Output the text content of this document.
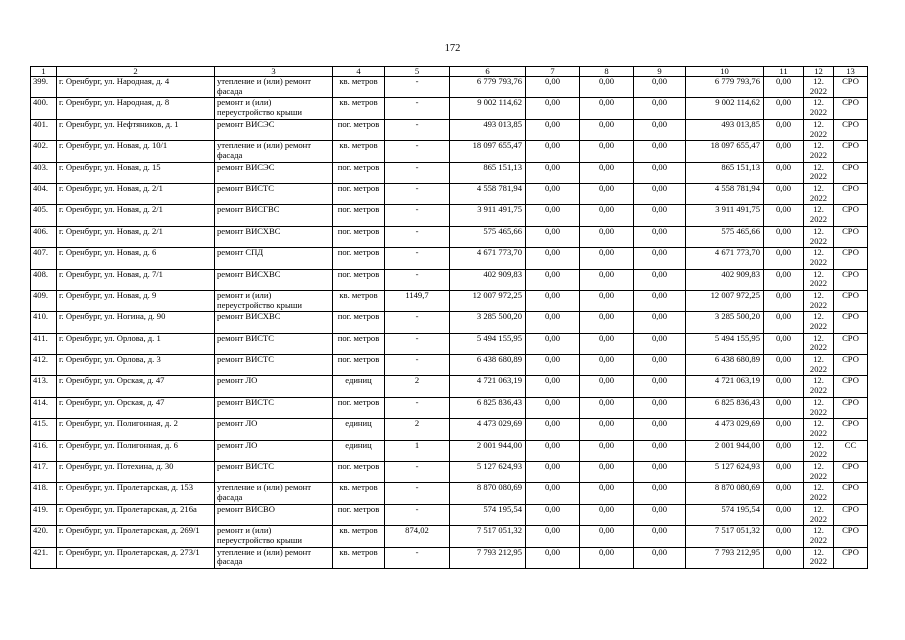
172
1	2	3	4	5	6	7	8	9	10	11	12	13
399.	г. Оренбург, ул. Народная, д. 4	утепление и (или) ремонт фасада	кв. метров	-	6 779 793,76	0,00	0,00	0,00	6 779 793,76	0,00	12. 2022	СРО
400.	г. Оренбург, ул. Народная, д. 8	ремонт и (или) переустройство крыши	кв. метров	-	9 002 114,62	0,00	0,00	0,00	9 002 114,62	0,00	12. 2022	СРО
401.	г. Оренбург, ул. Нефтяников, д. 1	ремонт ВИСЭС	пог. метров	-	493 013,85	0,00	0,00	0,00	493 013,85	0,00	12. 2022	СРО
402.	г. Оренбург, ул. Новая, д. 10/1	утепление и (или) ремонт фасада	кв. метров	-	18 097 655,47	0,00	0,00	0,00	18 097 655,47	0,00	12. 2022	СРО
403.	г. Оренбург, ул. Новая, д. 15	ремонт ВИСЭС	пог. метров	-	865 151,13	0,00	0,00	0,00	865 151,13	0,00	12. 2022	СРО
404.	г. Оренбург, ул. Новая, д. 2/1	ремонт ВИСТС	пог. метров	-	4 558 781,94	0,00	0,00	0,00	4 558 781,94	0,00	12. 2022	СРО
405.	г. Оренбург, ул. Новая, д. 2/1	ремонт ВИСГВС	пог. метров	-	3 911 491,75	0,00	0,00	0,00	3 911 491,75	0,00	12. 2022	СРО
406.	г. Оренбург, ул. Новая, д. 2/1	ремонт ВИСХВС	пог. метров	-	575 465,66	0,00	0,00	0,00	575 465,66	0,00	12. 2022	СРО
407.	г. Оренбург, ул. Новая, д. 6	ремонт СПД	пог. метров	-	4 671 773,70	0,00	0,00	0,00	4 671 773,70	0,00	12. 2022	СРО
408.	г. Оренбург, ул. Новая, д. 7/1	ремонт ВИСХВС	пог. метров	-	402 909,83	0,00	0,00	0,00	402 909,83	0,00	12. 2022	СРО
409.	г. Оренбург, ул. Новая, д. 9	ремонт и (или) переустройство крыши	кв. метров	1149,7	12 007 972,25	0,00	0,00	0,00	12 007 972,25	0,00	12. 2022	СРО
410.	г. Оренбург, ул. Ногина, д. 90	ремонт ВИСХВС	пог. метров	-	3 285 500,20	0,00	0,00	0,00	3 285 500,20	0,00	12. 2022	СРО
411.	г. Оренбург, ул. Орлова, д. 1	ремонт ВИСТС	пог. метров	-	5 494 155,95	0,00	0,00	0,00	5 494 155,95	0,00	12. 2022	СРО
412.	г. Оренбург, ул. Орлова, д. 3	ремонт ВИСТС	пог. метров	-	6 438 680,89	0,00	0,00	0,00	6 438 680,89	0,00	12. 2022	СРО
413.	г. Оренбург, ул. Орская, д. 47	ремонт ЛО	единиц	2	4 721 063,19	0,00	0,00	0,00	4 721 063,19	0,00	12. 2022	СРО
414.	г. Оренбург, ул. Орская, д. 47	ремонт ВИСТС	пог. метров	-	6 825 836,43	0,00	0,00	0,00	6 825 836,43	0,00	12. 2022	СРО
415.	г. Оренбург, ул. Полигонная, д. 2	ремонт ЛО	единиц	2	4 473 029,69	0,00	0,00	0,00	4 473 029,69	0,00	12. 2022	СРО
416.	г. Оренбург, ул. Полигонная, д. 6	ремонт ЛО	единиц	1	2 001 944,00	0,00	0,00	0,00	2 001 944,00	0,00	12. 2022	СС
417.	г. Оренбург, ул. Потехина, д. 30	ремонт ВИСТС	пог. метров	-	5 127 624,93	0,00	0,00	0,00	5 127 624,93	0,00	12. 2022	СРО
418.	г. Оренбург, ул. Пролетарская, д. 153	утепление и (или) ремонт фасада	кв. метров	-	8 870 080,69	0,00	0,00	0,00	8 870 080,69	0,00	12. 2022	СРО
419.	г. Оренбург, ул. Пролетарская, д. 216а	ремонт ВИСВО	пог. метров	-	574 195,54	0,00	0,00	0,00	574 195,54	0,00	12. 2022	СРО
420.	г. Оренбург, ул. Пролетарская, д. 269/1	ремонт и (или) переустройство крыши	кв. метров	874,02	7 517 051,32	0,00	0,00	0,00	7 517 051,32	0,00	12. 2022	СРО
421.	г. Оренбург, ул. Пролетарская, д. 273/1	утепление и (или) ремонт фасада	кв. метров	-	7 793 212,95	0,00	0,00	0,00	7 793 212,95	0,00	12. 2022	СРО
